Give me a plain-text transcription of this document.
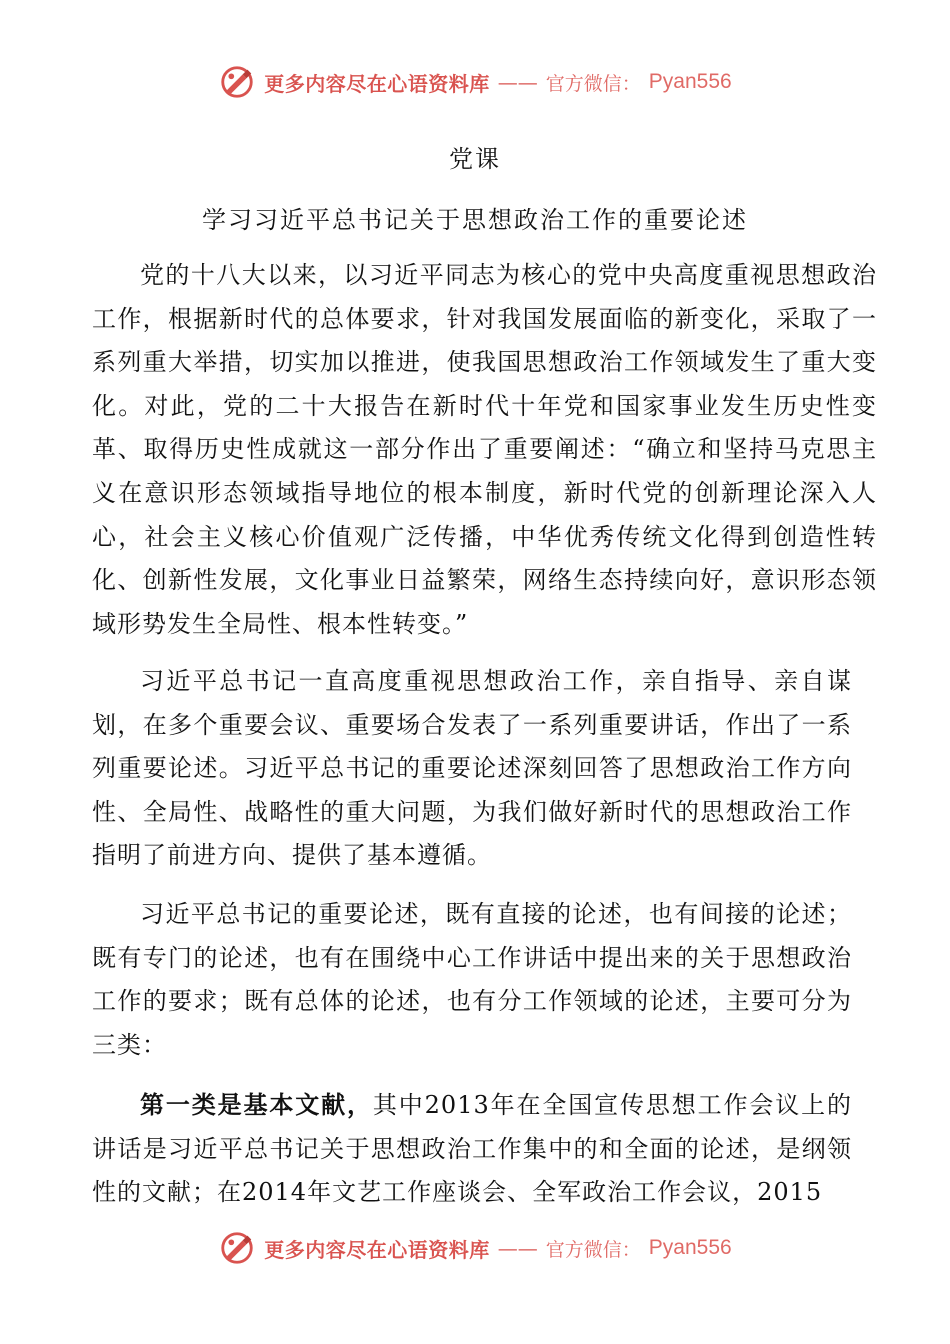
更多内容尽在心语资料库 —— 官方微信： Pyan556
党课
学习习近平总书记关于思想政治工作的重要论述

党的十八大以来，以习近平同志为核心的党中央高度重视思想政治工作，根据新时代的总体要求，针对我国发展面临的新变化，采取了一系列重大举措，切实加以推进，使我国思想政治工作领域发生了重大变化。对此，党的二十大报告在新时代十年党和国家事业发生历史性变革、取得历史性成就这一部分作出了重要阐述：“确立和坚持马克思主义在意识形态领域指导地位的根本制度，新时代党的创新理论深入人心，社会主义核心价值观广泛传播，中华优秀传统文化得到创造性转化、创新性发展，文化事业日益繁荣，网络生态持续向好，意识形态领域形势发生全局性、根本性转变。”

习近平总书记一直高度重视思想政治工作，亲自指导、亲自谋划，在多个重要会议、重要场合发表了一系列重要讲话，作出了一系列重要论述。习近平总书记的重要论述深刻回答了思想政治工作方向性、全局性、战略性的重大问题，为我们做好新时代的思想政治工作指明了前进方向、提供了基本遵循。

习近平总书记的重要论述，既有直接的论述，也有间接的论述；既有专门的论述，也有在围绕中心工作讲话中提出来的关于思想政治工作的要求；既有总体的论述，也有分工作领域的论述，主要可分为三类：

第一类是基本文献，其中2013年在全国宣传思想工作会议上的讲话是习近平总书记关于思想政治工作集中的和全面的论述，是纲领性的文献；在2014年文艺工作座谈会、全军政治工作会议，2015

更多内容尽在心语资料库 —— 官方微信： Pyan556
